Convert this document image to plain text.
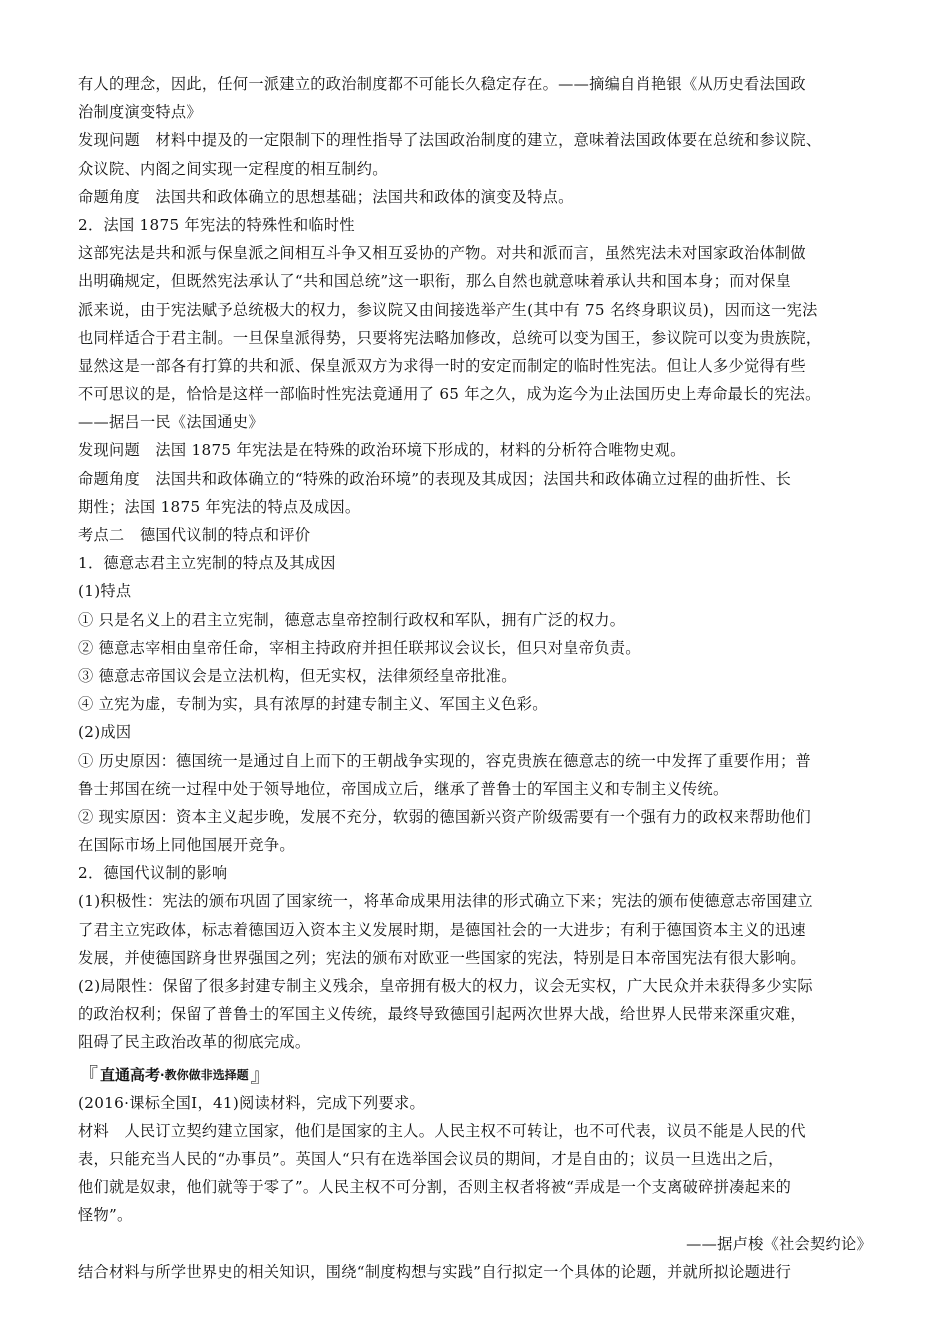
有人的理念，因此，任何一派建立的政治制度都不可能长久稳定存在。——摘编自肖艳银《从历史看法国政
治制度演变特点》
发现问题　材料中提及的一定限制下的理性指导了法国政治制度的建立，意味着法国政体要在总统和参议院、
众议院、内阁之间实现一定程度的相互制约。
命题角度　法国共和政体确立的思想基础；法国共和政体的演变及特点。
2．法国 1875 年宪法的特殊性和临时性
这部宪法是共和派与保皇派之间相互斗争又相互妥协的产物。对共和派而言，虽然宪法未对国家政治体制做
出明确规定，但既然宪法承认了“共和国总统”这一职衔，那么自然也就意味着承认共和国本身；而对保皇
派来说，由于宪法赋予总统极大的权力，参议院又由间接选举产生(其中有 75 名终身职议员)，因而这一宪法
也同样适合于君主制。一旦保皇派得势，只要将宪法略加修改，总统可以变为国王，参议院可以变为贵族院，
显然这是一部各有打算的共和派、保皇派双方为求得一时的安定而制定的临时性宪法。但让人多少觉得有些
不可思议的是，恰恰是这样一部临时性宪法竟通用了 65 年之久，成为迄今为止法国历史上寿命最长的宪法。
——据吕一民《法国通史》
发现问题　法国 1875 年宪法是在特殊的政治环境下形成的，材料的分析符合唯物史观。
命题角度　法国共和政体确立的“特殊的政治环境”的表现及其成因；法国共和政体确立过程的曲折性、长
期性；法国 1875 年宪法的特点及成因。
考点二　德国代议制的特点和评价
1．德意志君主立宪制的特点及其成因
(1)特点
① 只是名义上的君主立宪制，德意志皇帝控制行政权和军队，拥有广泛的权力。
② 德意志宰相由皇帝任命，宰相主持政府并担任联邦议会议长，但只对皇帝负责。
③ 德意志帝国议会是立法机构，但无实权，法律须经皇帝批准。
④ 立宪为虚，专制为实，具有浓厚的封建专制主义、军国主义色彩。
(2)成因
① 历史原因：德国统一是通过自上而下的王朝战争实现的，容克贵族在德意志的统一中发挥了重要作用；普
鲁士邦国在统一过程中处于领导地位，帝国成立后，继承了普鲁士的军国主义和专制主义传统。
② 现实原因：资本主义起步晚，发展不充分，软弱的德国新兴资产阶级需要有一个强有力的政权来帮助他们
在国际市场上同他国展开竞争。
2．德国代议制的影响
(1)积极性：宪法的颁布巩固了国家统一，将革命成果用法律的形式确立下来；宪法的颁布使德意志帝国建立
了君主立宪政体，标志着德国迈入资本主义发展时期，是德国社会的一大进步；有利于德国资本主义的迅速
发展，并使德国跻身世界强国之列；宪法的颁布对欧亚一些国家的宪法，特别是日本帝国宪法有很大影响。
(2)局限性：保留了很多封建专制主义残余，皇帝拥有极大的权力，议会无实权，广大民众并未获得多少实际
的政治权利；保留了普鲁士的军国主义传统，最终导致德国引起两次世界大战，给世界人民带来深重灾难，
阻碍了民主政治改革的彻底完成。
『 直通高考 ·教你做非选择题 』
(2016·课标全国Ⅰ，41)阅读材料，完成下列要求。
材料　人民订立契约建立国家，他们是国家的主人。人民主权不可转让，也不可代表，议员不能是人民的代
表，只能充当人民的“办事员”。英国人“只有在选举国会议员的期间，才是自由的；议员一旦选出之后，
他们就是奴隶，他们就等于零了”。人民主权不可分割，否则主权者将被“弄成是一个支离破碎拼凑起来的
怪物”。
——据卢梭《社会契约论》
结合材料与所学世界史的相关知识，围绕“制度构想与实践”自行拟定一个具体的论题，并就所拟论题进行
